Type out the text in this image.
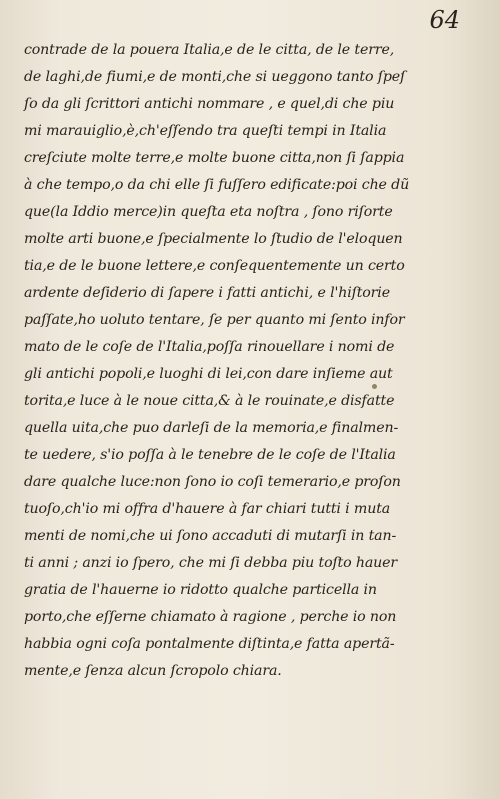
64
contrade de la pouera Italia,e de le citta, de le terre,
de laghi,de fiumi,e de monti,che si ueggono tanto ſpeſ
ſo da gli ſcrittori antichi nommare , e quel,di che piu
mi marauiglio,è,ch'eſſendo tra queſti tempi in Italia
creſciute molte terre,e molte buone citta,non ſi ſappia
à che tempo,o da chi elle ſi fuſſero edificate:poi che dũ
que(la Iddio merce)in queſta eta noſtra , ſono riſorte
molte arti buone,e ſpecialmente lo ſtudio de l'eloquen
tia,e de le buone lettere,e conſequentemente un certo
ardente deſiderio di ſapere i fatti antichi, e l'hiſtorie
paſſate,ho uoluto tentare, ſe per quanto mi ſento infor
mato de le coſe de l'Italia,poſſa rinouellare i nomi de
gli antichi popoli,e luoghi di lei,con dare inſieme aut
torita,e luce à le noue citta,& à le rouinate,e disfatte
quella uita,che puo darleſi de la memoria,e finalmen-
te uedere, s'io poſſa à le tenebre de le coſe de l'Italia
dare qualche luce:non ſono io coſi temerario,e proſon
tuoſo,ch'io mi offra d'hauere à far chiari tutti i muta
menti de nomi,che ui ſono accaduti di mutarſi in tan-
ti anni ; anzi io ſpero, che mi ſi debba piu toſto hauer
gratia de l'hauerne io ridotto qualche particella in
porto,che eſſerne chiamato à ragione , perche io non
habbia ogni coſa pontalmente diſtinta,e fatta apertã-
mente,e ſenza alcun ſcropolo chiara.
